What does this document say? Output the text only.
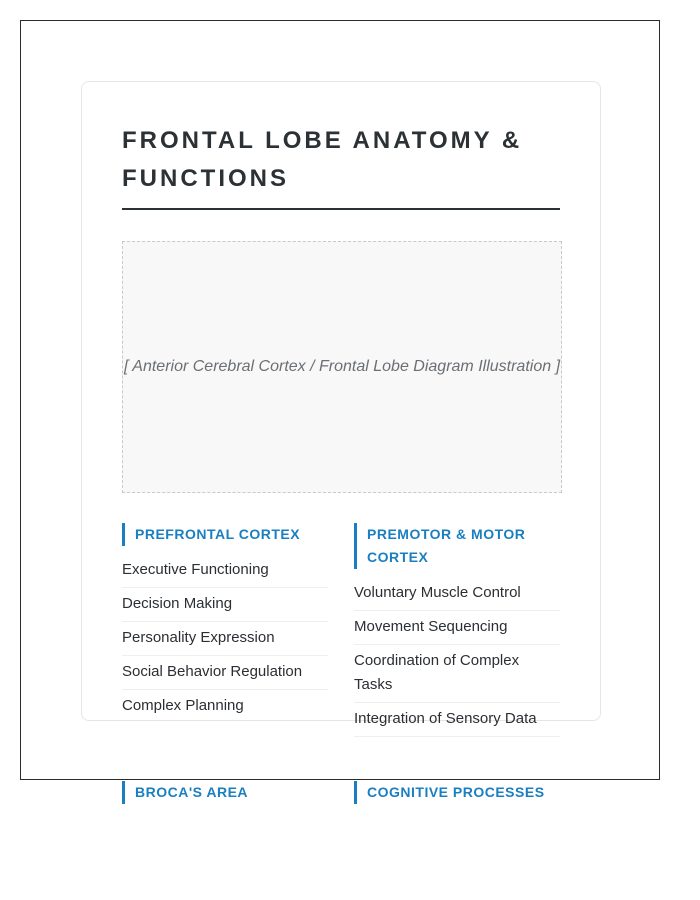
FRONTAL LOBE ANATOMY & FUNCTIONS
[ Anterior Cerebral Cortex / Frontal Lobe Diagram Illustration ]
PREFRONTAL CORTEX
Executive Functioning
Decision Making
Personality Expression
Social Behavior Regulation
Complex Planning
PREMOTOR & MOTOR CORTEX
Voluntary Muscle Control
Movement Sequencing
Coordination of Complex Tasks
Integration of Sensory Data
BROCA'S AREA	COGNITIVE PROCESSES
